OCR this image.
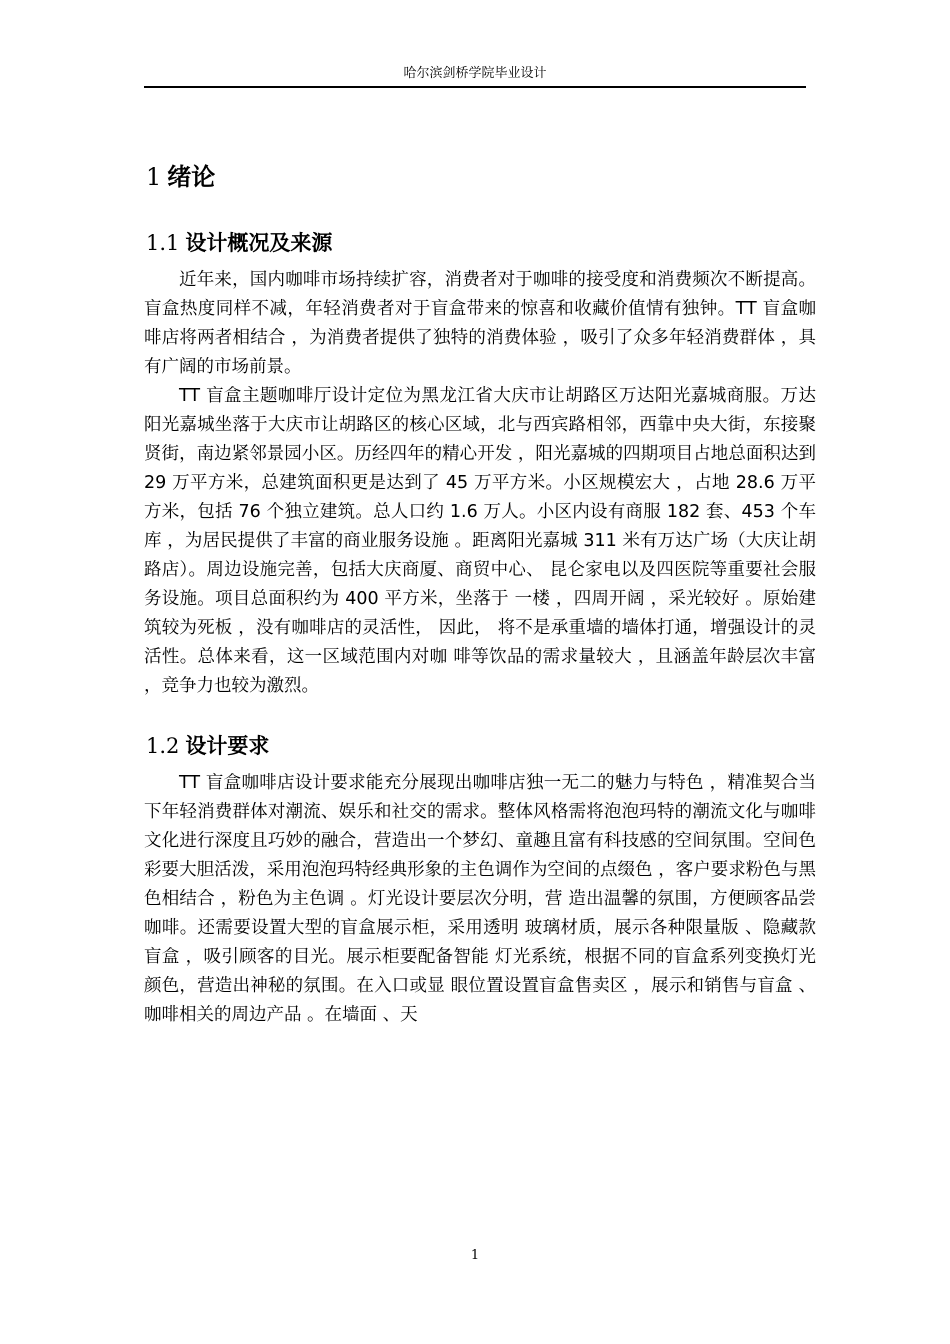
哈尔滨剑桥学院毕业设计
1 绪论
1.1 设计概况及来源

近年来，国内咖啡市场持续扩容，消费者对于咖啡的接受度和消费频次不断提高。盲盒热度同样不减，年轻消费者对于盲盒带来的惊喜和收藏价值情有独钟。TT 盲盒咖啡店将两者相结合 ，为消费者提供了独特的消费体验 ，吸引了众多年轻消费群体 ，具有广阔的市场前景。

TT 盲盒主题咖啡厅设计定位为黑龙江省大庆市让胡路区万达阳光嘉城商服。万达阳光嘉城坐落于大庆市让胡路区的核心区域，北与西宾路相邻，西靠中央大街，东接聚贤街，南边紧邻景园小区。历经四年的精心开发 ，阳光嘉城的四期项目占地总面积达到 29 万平方米，总建筑面积更是达到了 45 万平方米。小区规模宏大 ，占地 28.6 万平方米，包括 76 个独立建筑。总人口约 1.6 万人。小区内设有商服 182 套、453 个车库 ，为居民提供了丰富的商业服务设施 。距离阳光嘉城 311 米有万达广场（大庆让胡路店）。周边设施完善，包括大庆商厦、商贸中心、 昆仑家电以及四医院等重要社会服务设施。项目总面积约为 400 平方米，坐落于 一楼 ，四周开阔 ，采光较好 。原始建筑较为死板 ，没有咖啡店的灵活性， 因此， 将不是承重墙的墙体打通，增强设计的灵活性。总体来看，这一区域范围内对咖 啡等饮品的需求量较大 ，且涵盖年龄层次丰富 ，竞争力也较为激烈。

1.2 设计要求

TT 盲盒咖啡店设计要求能充分展现出咖啡店独一无二的魅力与特色 ，精准契合当下年轻消费群体对潮流、娱乐和社交的需求。整体风格需将泡泡玛特的潮流文化与咖啡文化进行深度且巧妙的融合，营造出一个梦幻、童趣且富有科技感的空间氛围。空间色彩要大胆活泼，采用泡泡玛特经典形象的主色调作为空间的点缀色 ，客户要求粉色与黑色相结合 ，粉色为主色调 。灯光设计要层次分明，营 造出温馨的氛围，方便顾客品尝咖啡。还需要设置大型的盲盒展示柜，采用透明 玻璃材质，展示各种限量版 、隐藏款盲盒 ，吸引顾客的目光。展示柜要配备智能 灯光系统，根据不同的盲盒系列变换灯光颜色，营造出神秘的氛围。在入口或显 眼位置设置盲盒售卖区 ，展示和销售与盲盒 、咖啡相关的周边产品 。在墙面 、天

1
